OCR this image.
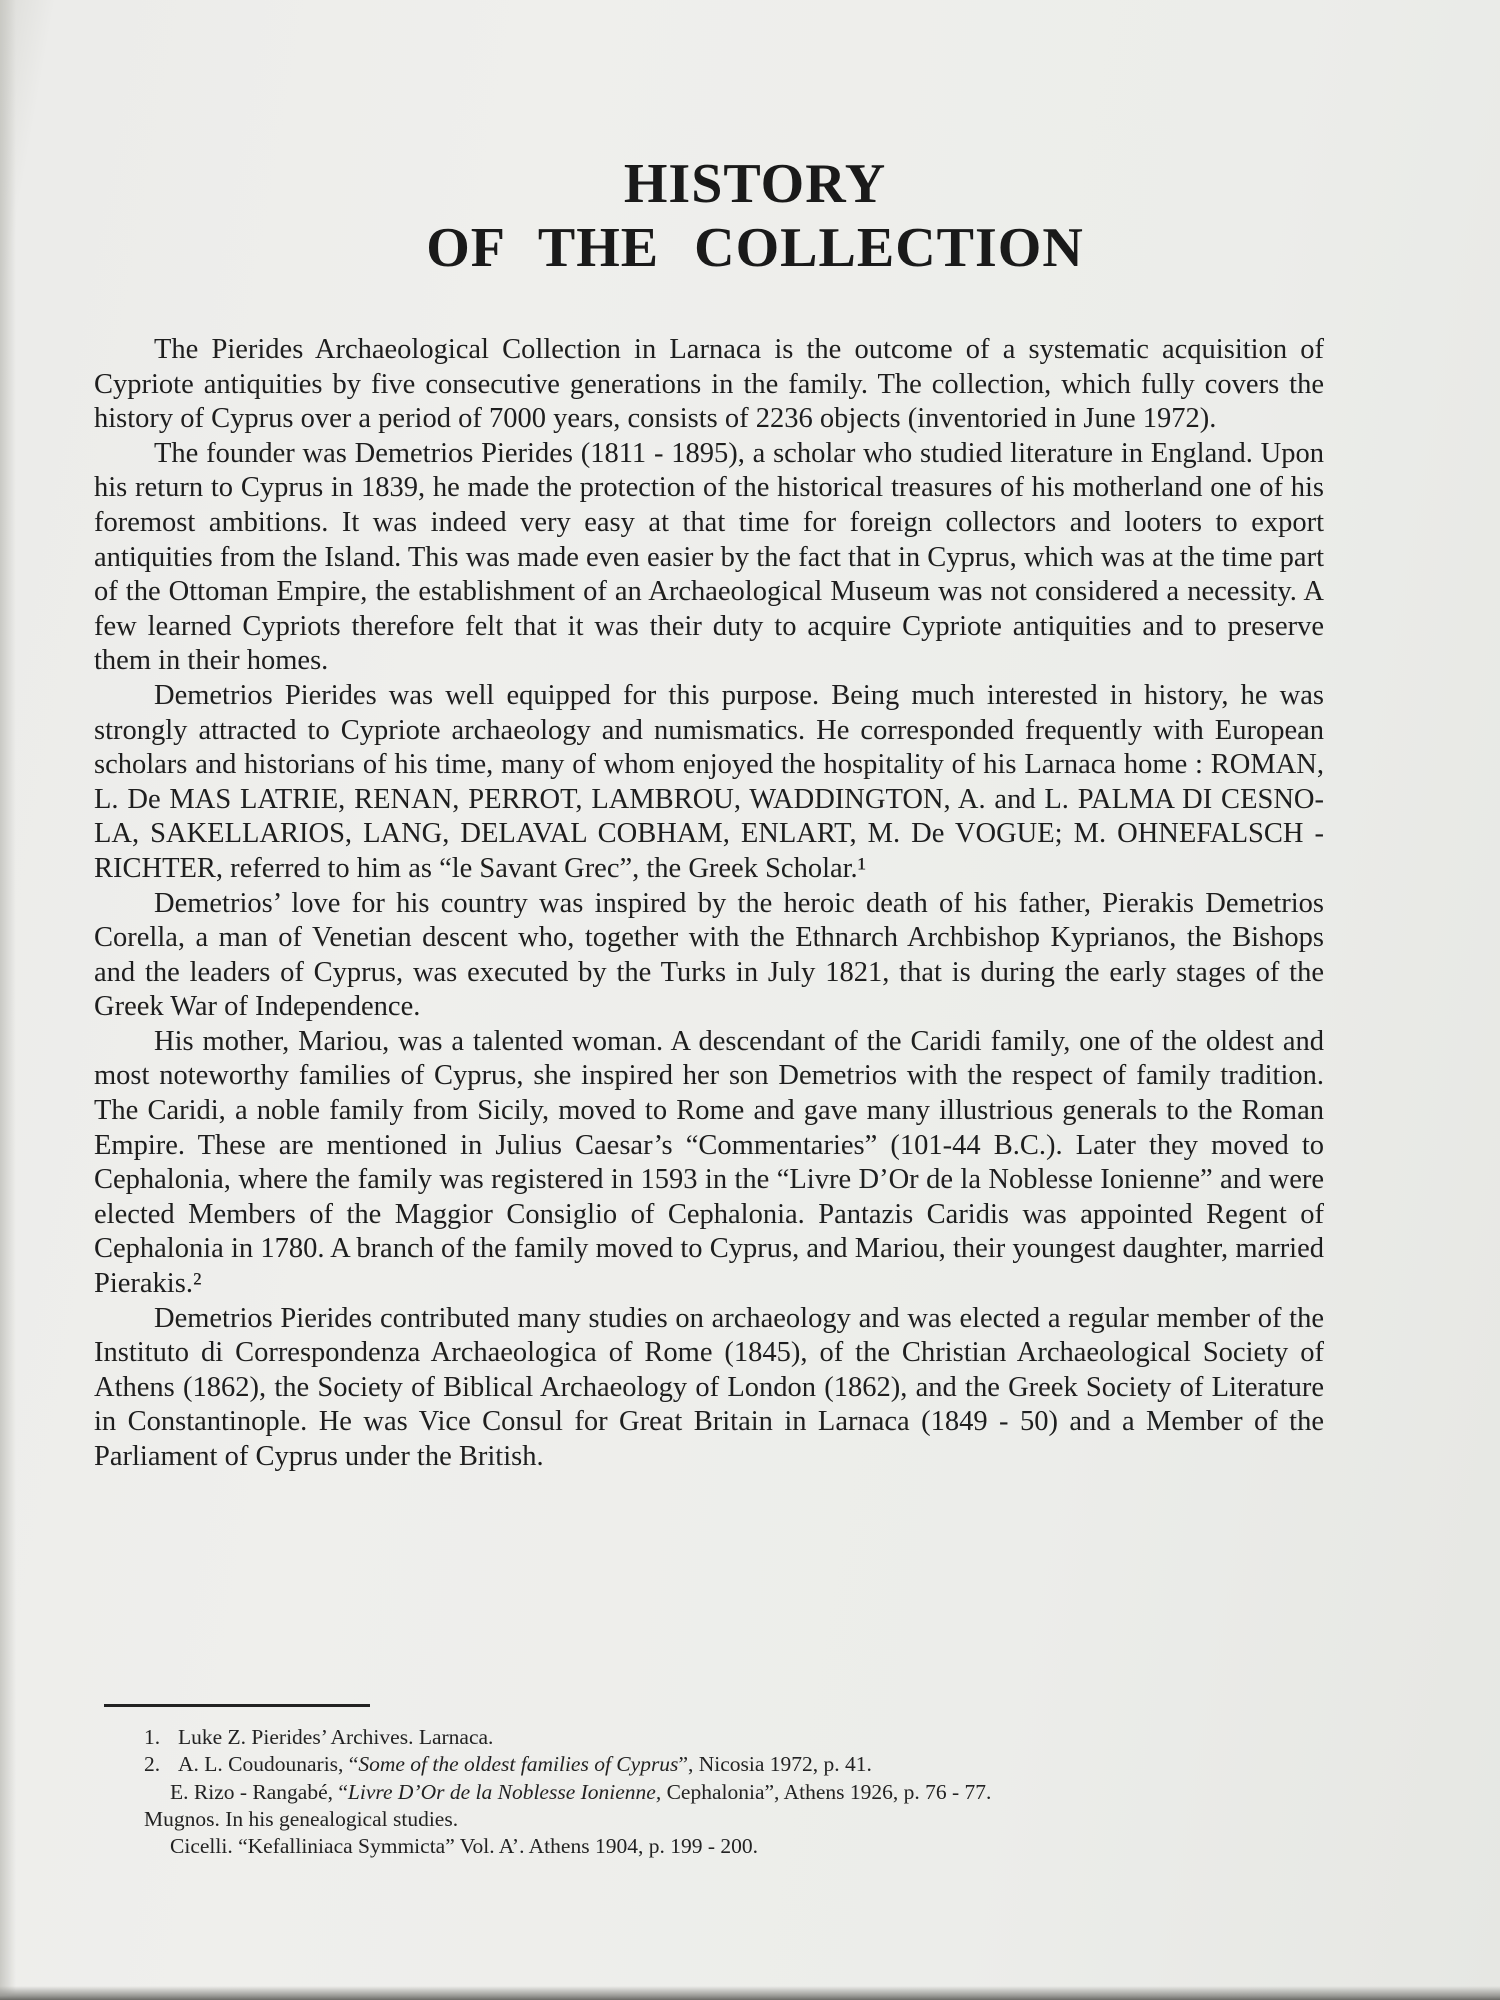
HISTORY
OF THE COLLECTION

The Pierides Archaeological Collection in Larnaca is the outcome of a systematic acquisition of Cypriote antiquities by five consecutive generations in the family. The collection, which fully covers the history of Cyprus over a period of 7000 years, consists of 2236 objects (inventoried in June 1972).

The founder was Demetrios Pierides (1811 - 1895), a scholar who studied literature in England. Upon his return to Cyprus in 1839, he made the protection of the historical treasures of his motherland one of his foremost ambitions. It was indeed very easy at that time for foreign collectors and looters to export antiquities from the Island. This was made even easier by the fact that in Cyprus, which was at the time part of the Ottoman Empire, the establishment of an Archaeological Museum was not considered a necessity. A few learned Cypriots therefore felt that it was their duty to acquire Cypriote antiquities and to preserve them in their homes.

Demetrios Pierides was well equipped for this purpose. Being much interested in history, he was strongly attracted to Cypriote archaeology and numismatics. He corresponded frequently with European scholars and historians of his time, many of whom enjoyed the hospitality of his Larnaca home : ROMAN, L. De MAS LATRIE, RENAN, PERROT, LAMBROU, WADDINGTON, A. and L. PALMA DI CESNOLA, SAKELLARIOS, LANG, DELAVAL COBHAM, ENLART, M. De VOGUE; M. OHNEFALSCH - RICHTER, referred to him as “le Savant Grec”, the Greek Scholar.¹

Demetrios’ love for his country was inspired by the heroic death of his father, Pierakis Demetrios Corella, a man of Venetian descent who, together with the Ethnarch Archbishop Kyprianos, the Bishops and the leaders of Cyprus, was executed by the Turks in July 1821, that is during the early stages of the Greek War of Independence.

His mother, Mariou, was a talented woman. A descendant of the Caridi family, one of the oldest and most noteworthy families of Cyprus, she inspired her son Demetrios with the respect of family tradition. The Caridi, a noble family from Sicily, moved to Rome and gave many illustrious generals to the Roman Empire. These are mentioned in Julius Caesar’s “Commentaries” (101-44 B.C.). Later they moved to Cephalonia, where the family was registered in 1593 in the “Livre D’Or de la Noblesse Ionienne” and were elected Members of the Maggior Consiglio of Cephalonia. Pantazis Caridis was appointed Regent of Cephalonia in 1780. A branch of the family moved to Cyprus, and Mariou, their youngest daughter, married Pierakis.²

Demetrios Pierides contributed many studies on archaeology and was elected a regular member of the Instituto di Correspondenza Archaeologica of Rome (1845), of the Christian Archaeological Society of Athens (1862), the Society of Biblical Archaeology of London (1862), and the Greek Society of Literature in Constantinople. He was Vice Consul for Great Britain in Larnaca (1849 - 50) and a Member of the Parliament of Cyprus under the British.

1. Luke Z. Pierides’ Archives. Larnaca.

2. A. L. Coudounaris, “Some of the oldest families of Cyprus”, Nicosia 1972, p. 41.

E. Rizo - Rangabé, “Livre D’Or de la Noblesse Ionienne, Cephalonia”, Athens 1926, p. 76 - 77.

Mugnos. In his genealogical studies.

Cicelli. “Kefalliniaca Symmicta” Vol. A’. Athens 1904, p. 199 - 200.
